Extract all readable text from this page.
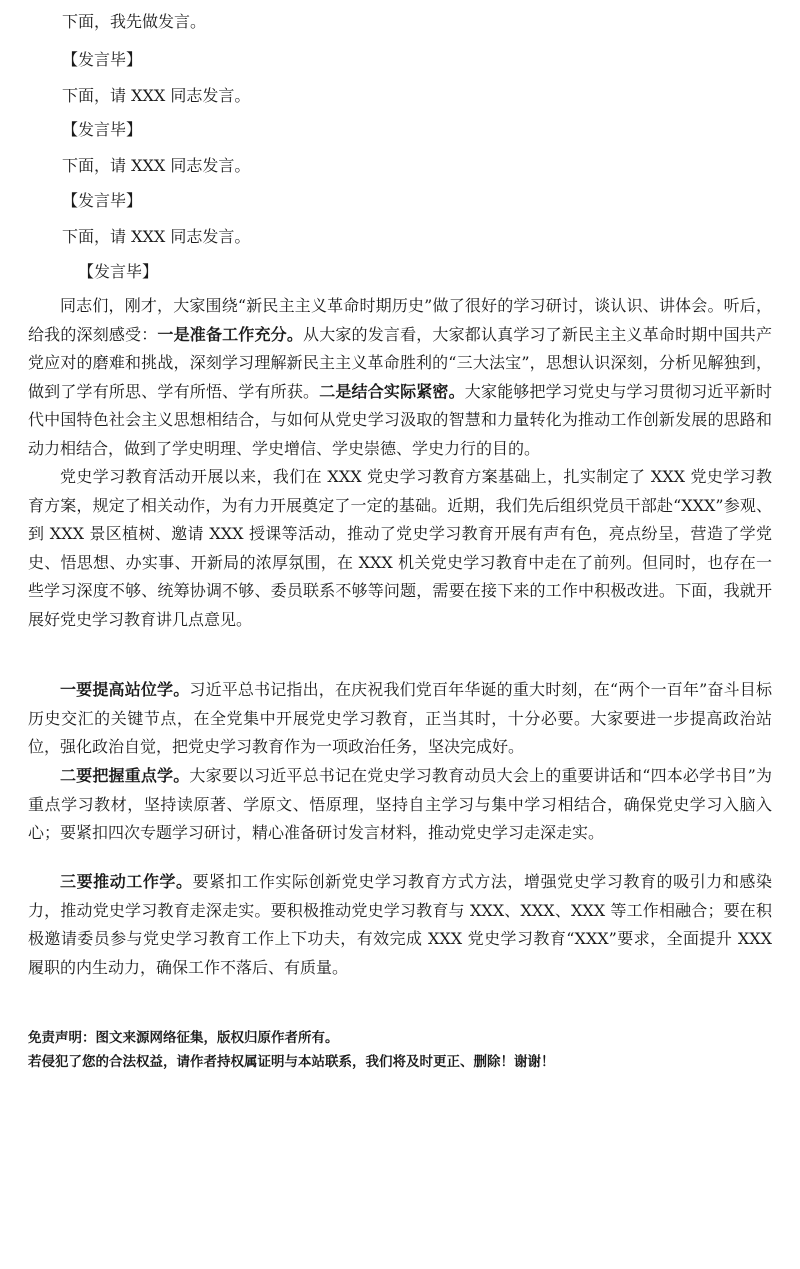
下面，我先做发言。
【发言毕】
下面，请 XXX 同志发言。
【发言毕】
下面，请 XXX 同志发言。
【发言毕】
下面，请 XXX 同志发言。
【发言毕】

同志们，刚才，大家围绕“新民主主义革命时期历史”做了很好的学习研讨，谈认识、讲体会。听后，给我的深刻感受：一是准备工作充分。从大家的发言看，大家都认真学习了新民主主义革命时期中国共产党应对的磨难和挑战，深刻学习理解新民主主义革命胜利的“三大法宝”，思想认识深刻，分析见解独到，做到了学有所思、学有所悟、学有所获。二是结合实际紧密。大家能够把学习党史与学习贯彻习近平新时代中国特色社会主义思想相结合，与如何从党史学习汲取的智慧和力量转化为推动工作创新发展的思路和动力相结合，做到了学史明理、学史增信、学史崇德、学史力行的目的。

党史学习教育活动开展以来，我们在 XXX 党史学习教育方案基础上，扎实制定了 XXX 党史学习教育方案，规定了相关动作，为有力开展奠定了一定的基础。近期，我们先后组织党员干部赴“XXX”参观、到 XXX 景区植树、邀请 XXX 授课等活动，推动了党史学习教育开展有声有色，亮点纷呈，营造了学党史、悟思想、办实事、开新局的浓厚氛围，在 XXX 机关党史学习教育中走在了前列。但同时，也存在一些学习深度不够、统筹协调不够、委员联系不够等问题，需要在接下来的工作中积极改进。下面，我就开展好党史学习教育讲几点意见。

一要提高站位学。习近平总书记指出，在庆祝我们党百年华诞的重大时刻，在“两个一百年”奋斗目标历史交汇的关键节点，在全党集中开展党史学习教育，正当其时，十分必要。大家要进一步提高政治站位，强化政治自觉，把党史学习教育作为一项政治任务，坚决完成好。

二要把握重点学。大家要以习近平总书记在党史学习教育动员大会上的重要讲话和“四本必学书目”为重点学习教材，坚持读原著、学原文、悟原理，坚持自主学习与集中学习相结合，确保党史学习入脑入心；要紧扣四次专题学习研讨，精心准备研讨发言材料，推动党史学习走深走实。

三要推动工作学。要紧扣工作实际创新党史学习教育方式方法，增强党史学习教育的吸引力和感染力，推动党史学习教育走深走实。要积极推动党史学习教育与 XXX、XXX、XXX 等工作相融合；要在积极邀请委员参与党史学习教育工作上下功夫，有效完成 XXX 党史学习教育“XXX”要求，全面提升 XXX 履职的内生动力，确保工作不落后、有质量。

免责声明：图文来源网络征集，版权归原作者所有。
若侵犯了您的合法权益，请作者持权属证明与本站联系，我们将及时更正、删除！谢谢！
